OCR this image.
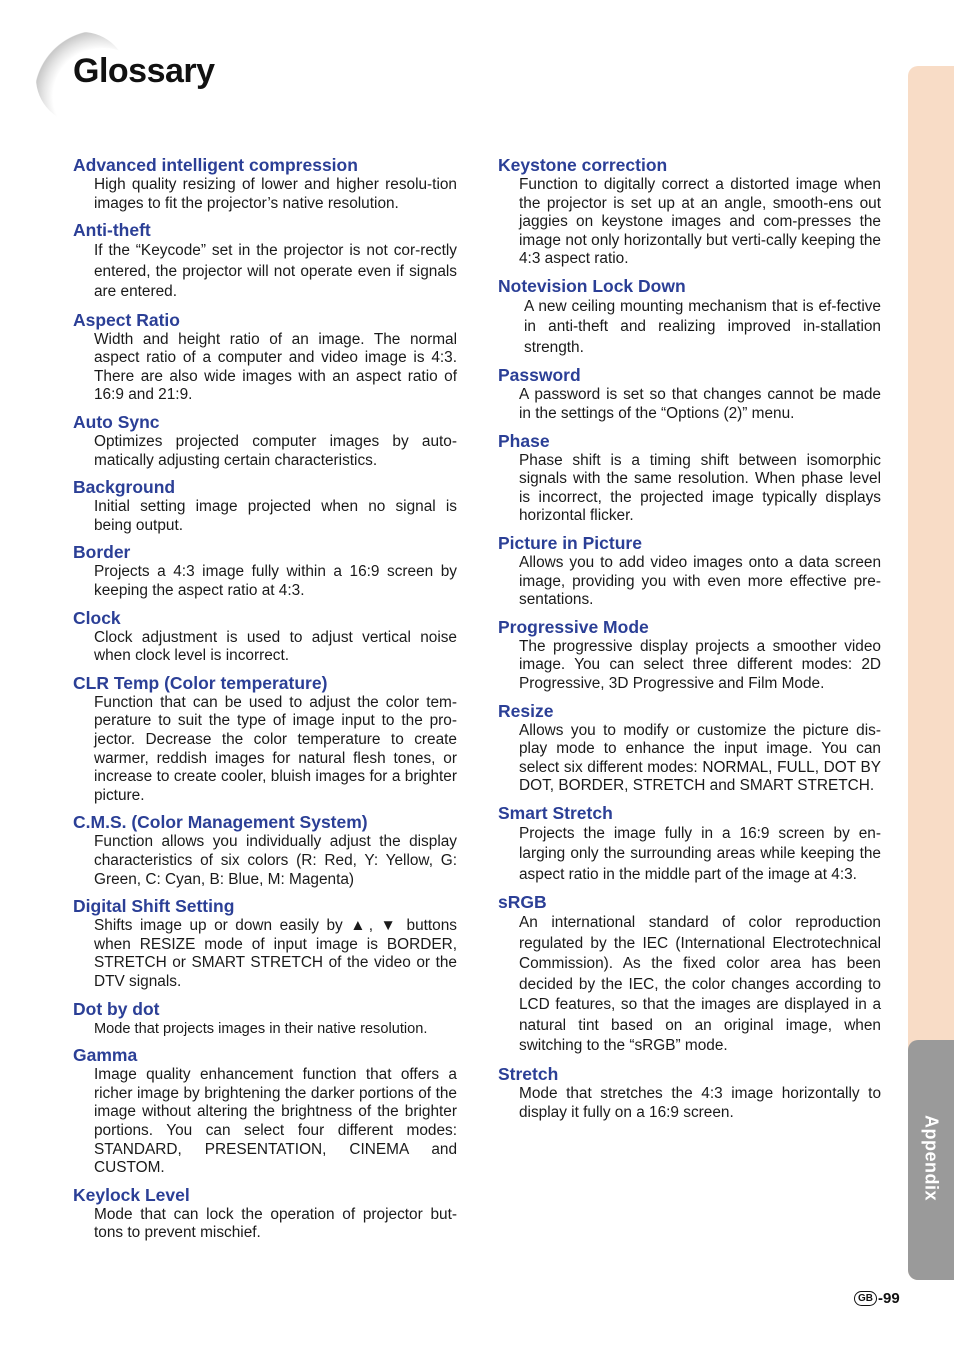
Glossary
Appendix
Advanced intelligent compression

High quality resizing of lower and higher resolu-tion images to fit the projector’s native resolution.

Anti-theft

If the “Keycode” set in the projector is not cor-rectly entered, the projector will not operate even if signals are entered.

Aspect Ratio

Width and height ratio of an image. The normal aspect ratio of a computer and video image is 4:3. There are also wide images with an aspect ratio of 16:9 and 21:9.

Auto Sync

Optimizes projected computer images by auto-matically adjusting certain characteristics.

Background

Initial setting image projected when no signal is being output.

Border

Projects a 4:3 image fully within a 16:9 screen by keeping the aspect ratio at 4:3.

Clock

Clock adjustment is used to adjust vertical noise when clock level is incorrect.

CLR Temp (Color temperature)

Function that can be used to adjust the color tem-perature to suit the type of image input to the pro-jector. Decrease the color temperature to create warmer, reddish images for natural flesh tones, or increase to create cooler, bluish images for a brighter picture.

C.M.S. (Color Management System)

Function allows you individually adjust the display characteristics of six colors (R: Red, Y: Yellow, G: Green, C: Cyan, B: Blue, M: Magenta)

Digital Shift Setting

Shifts image up or down easily by ▲, ▼ buttons when RESIZE mode of input image is BORDER, STRETCH or SMART STRETCH of the video or the DTV signals.

Dot by dot

Mode that projects images in their native resolution.

Gamma

Image quality enhancement function that offers a richer image by brightening the darker portions of the image without altering the brightness of the brighter portions. You can select four different modes: STANDARD, PRESENTATION, CINEMA and CUSTOM.

Keylock Level

Mode that can lock the operation of projector but-tons to prevent mischief.

Keystone correction

Function to digitally correct a distorted image when the projector is set up at an angle, smooth-ens out jaggies on keystone images and com-presses the image not only horizontally but verti-cally keeping the 4:3 aspect ratio.

Notevision Lock Down

A new ceiling mounting mechanism that is ef-fective in anti-theft and realizing improved in-stallation strength.

Password

A password is set so that changes cannot be made in the settings of the “Options (2)” menu.

Phase

Phase shift is a timing shift between isomorphic signals with the same resolution. When phase level is incorrect, the projected image typically displays horizontal flicker.

Picture in Picture

Allows you to add video images onto a data screen image, providing you with even more effective pre-sentations.

Progressive Mode

The progressive display projects a smoother video image. You can select three different modes: 2D Progressive, 3D Progressive and Film Mode.

Resize

Allows you to modify or customize the picture dis-play mode to enhance the input image. You can select six different modes: NORMAL, FULL, DOT BY DOT, BORDER, STRETCH and SMART STRETCH.

Smart Stretch

Projects the image fully in a 16:9 screen by en-larging only the surrounding areas while keeping the aspect ratio in the middle part of the image at 4:3.

sRGB

An international standard of color reproduction regulated by the IEC (International Electrotechnical Commission). As the fixed color area has been decided by the IEC, the color changes according to LCD features, so that the images are displayed in a natural tint based on an original image, when switching to the “sRGB” mode.

Stretch

Mode that stretches the 4:3 image horizontally to display it fully on a 16:9 screen.

GB -99
